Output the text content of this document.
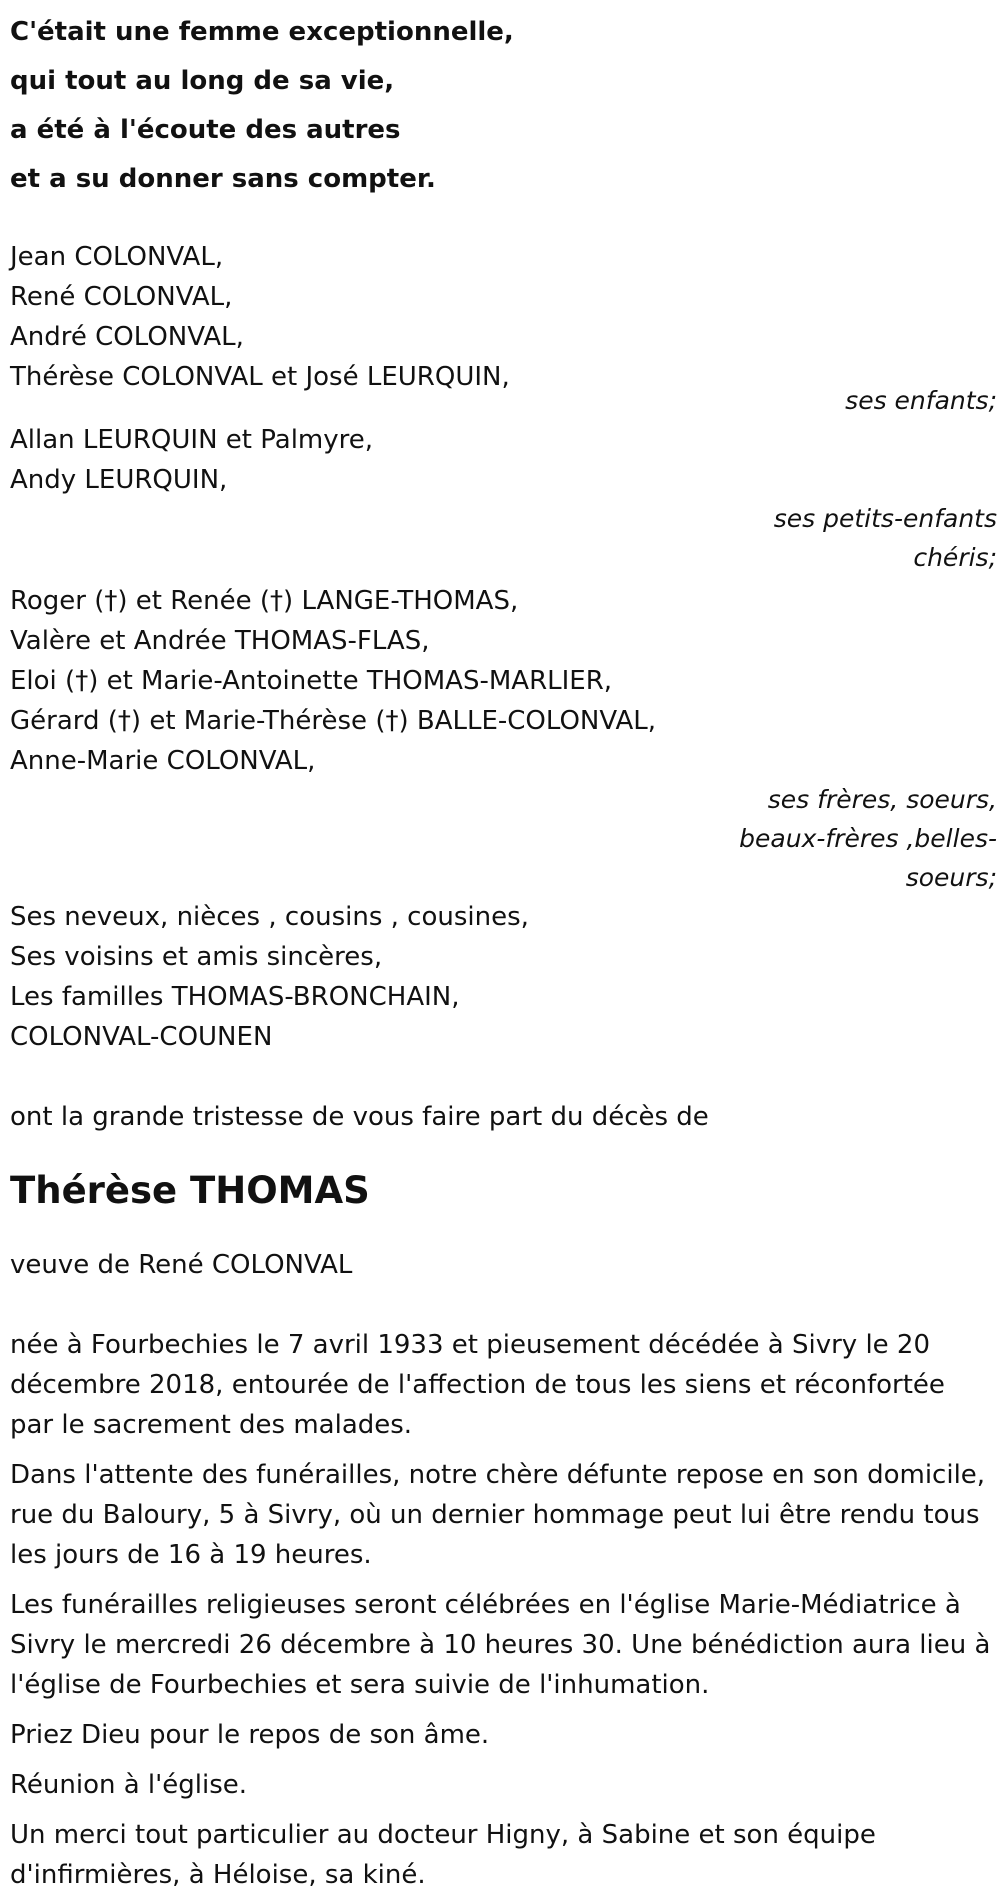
C'était une femme exceptionnelle,
qui tout au long de sa vie,
a été à l'écoute des autres
et a su donner sans compter.
Jean COLONVAL,
René COLONVAL,
André COLONVAL,
Thérèse COLONVAL et José LEURQUIN,
ses enfants;
Allan LEURQUIN et Palmyre,
Andy LEURQUIN,
ses petits-enfants
chéris;
Roger (†) et Renée (†) LANGE-THOMAS,
Valère et Andrée THOMAS-FLAS,
Eloi (†) et Marie-Antoinette THOMAS-MARLIER,
Gérard (†) et Marie-Thérèse (†) BALLE-COLONVAL,
Anne-Marie COLONVAL,
ses frères, soeurs,
beaux-frères ,belles-
soeurs;
Ses neveux, nièces , cousins , cousines,
Ses voisins et amis sincères,
Les familles THOMAS-BRONCHAIN,
COLONVAL-COUNEN
ont la grande tristesse de vous faire part du décès de
Thérèse THOMAS
veuve de René COLONVAL

née à Fourbechies le 7 avril 1933 et pieusement décédée à Sivry le 20 décembre 2018, entourée de l'affection de tous les siens et réconfortée par le sacrement des malades.

Dans l'attente des funérailles, notre chère défunte repose en son domicile, rue du Baloury, 5 à Sivry, où un dernier hommage peut lui être rendu tous les jours de 16 à 19 heures.

Les funérailles religieuses seront célébrées en l'église Marie-Médiatrice à Sivry le mercredi 26 décembre à 10 heures 30. Une bénédiction aura lieu à l'église de Fourbechies et sera suivie de l'inhumation.

Priez Dieu pour le repos de son âme.

Réunion à l'église.

Un merci tout particulier au docteur Higny, à Sabine et son équipe d'infirmières, à Héloise, sa kiné.
